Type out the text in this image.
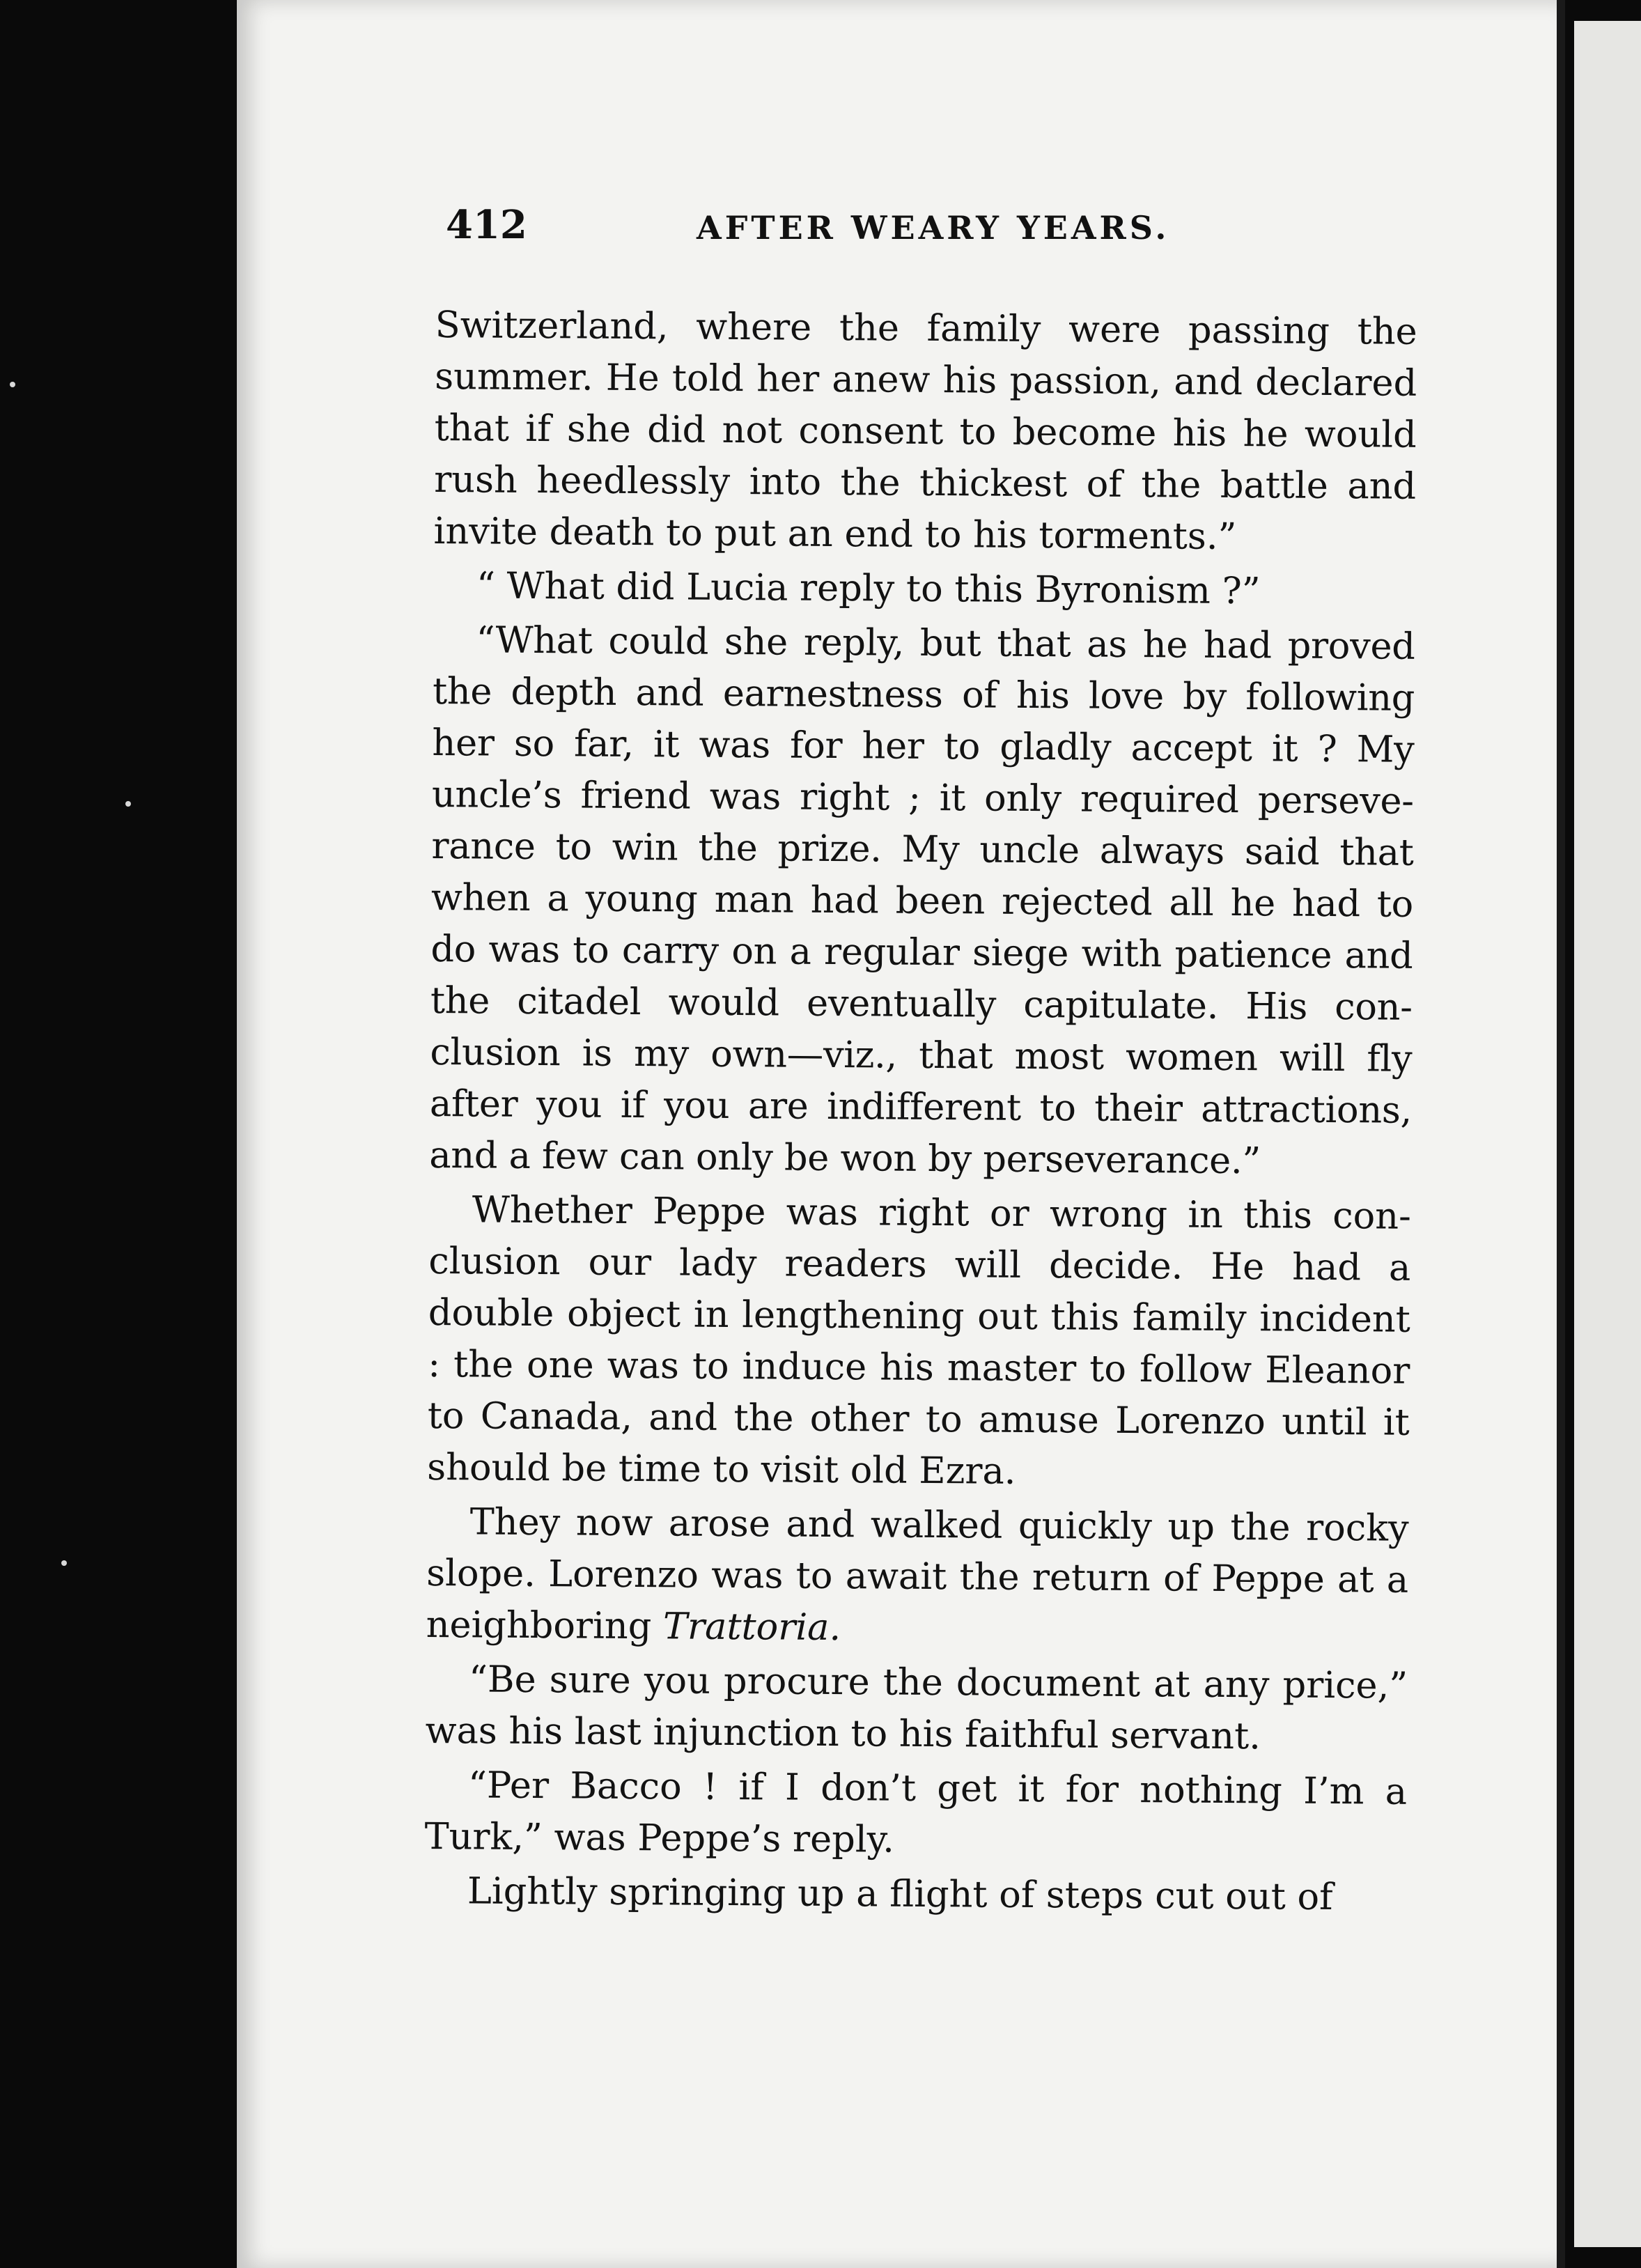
412	AFTER WEARY YEARS.

Switzerland, where the family were passing the summer. He told her anew his passion, and declared that if she did not consent to become his he would rush heedlessly into the thickest of the battle and invite death to put an end to his torments.”

“ What did Lucia reply to this Byronism ?”

“What could she reply, but that as he had proved the depth and earnestness of his love by following her so far, it was for her to gladly accept it ? My uncle’s friend was right ; it only required perseverance to win the prize. My uncle always said that when a young man had been rejected all he had to do was to carry on a regular siege with patience and the citadel would eventually capitulate. His conclusion is my own—viz., that most women will fly after you if you are indifferent to their attractions, and a few can only be won by perseverance.”

Whether Peppe was right or wrong in this conclusion our lady readers will decide. He had a double object in lengthening out this family incident : the one was to induce his master to follow Eleanor to Canada, and the other to amuse Lorenzo until it should be time to visit old Ezra.

They now arose and walked quickly up the rocky slope. Lorenzo was to await the return of Peppe at a neighboring Trattoria.

“Be sure you procure the document at any price,” was his last injunction to his faithful servant.

“Per Bacco ! if I don’t get it for nothing I’m a Turk,” was Peppe’s reply.

Lightly springing up a flight of steps cut out of
